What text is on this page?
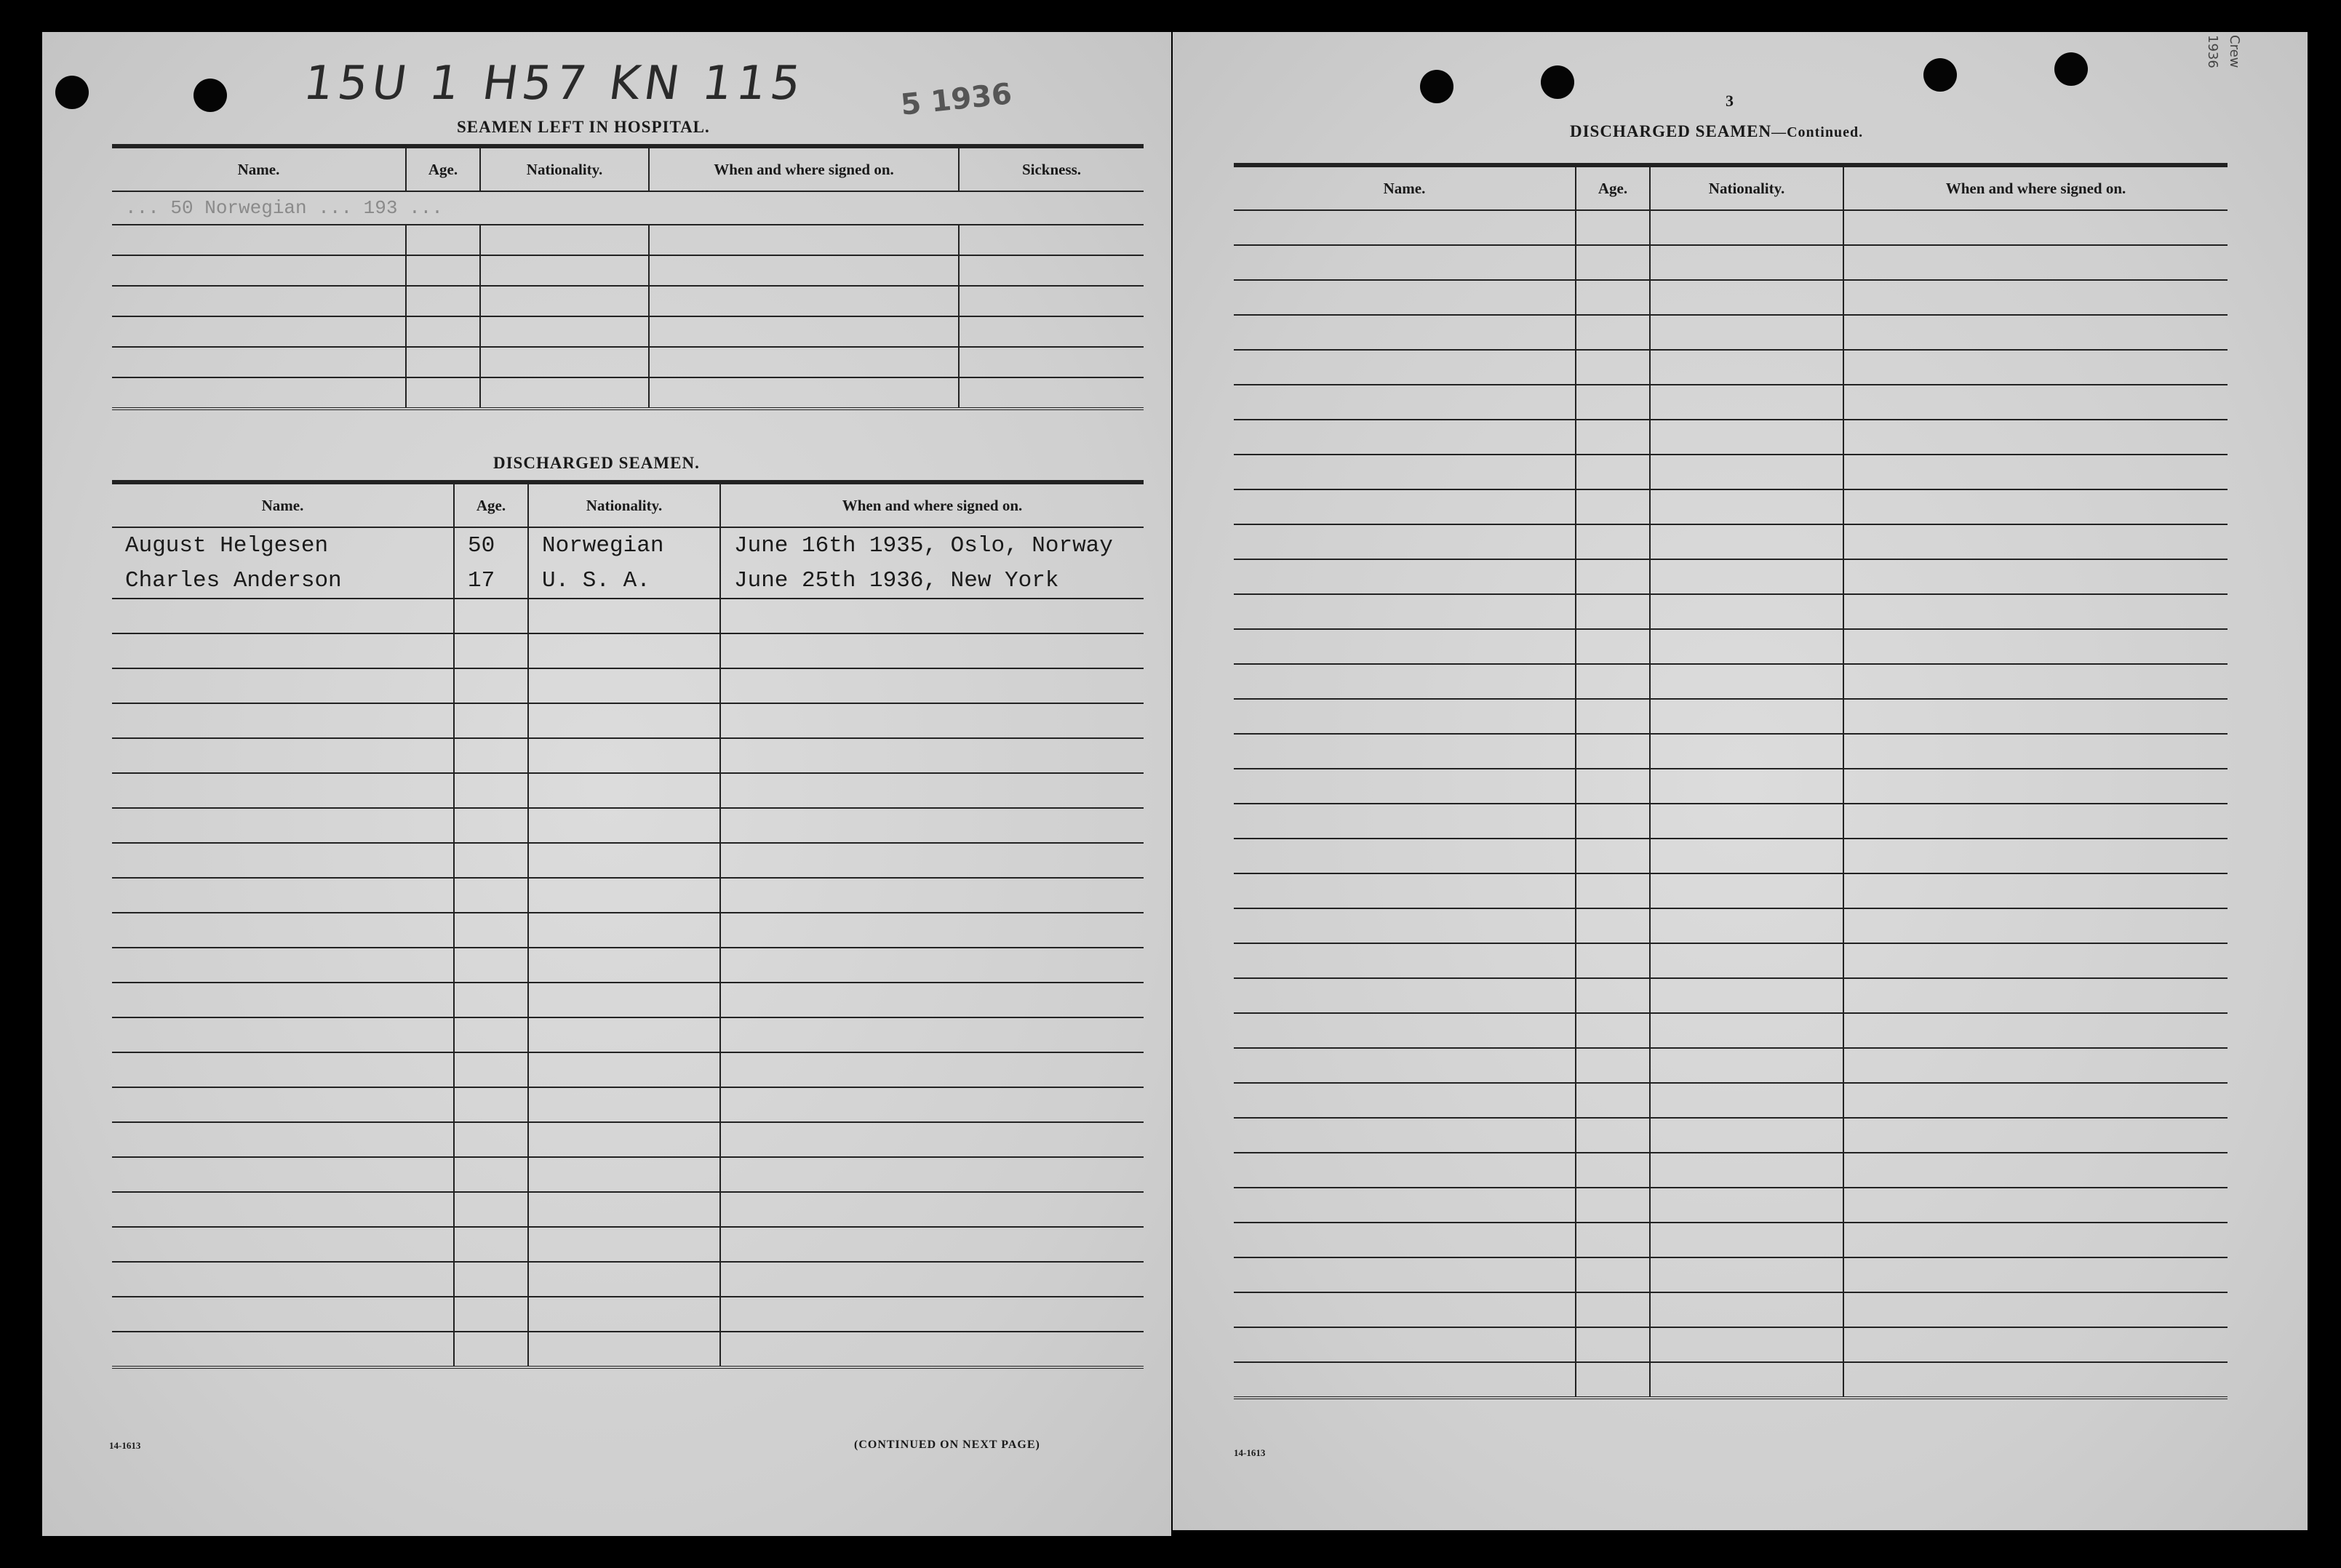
15U 1 H57 KN 115	5 1936
SEAMEN LEFT IN HOSPITAL.
Name.	Age.	Nationality.	When and where signed on.	Sickness.
... 50 Norwegian ... 193 ...				

DISCHARGED SEAMEN.
Name.	Age.	Nationality.	When and where signed on.
August Helgesen	50	Norwegian	June 16th 1935, Oslo, Norway
Charles Anderson	17	U. S. A.	June 25th 1936, New York

14-1613	(CONTINUED ON NEXT PAGE)
Crew
1936
3
DISCHARGED SEAMEN—Continued.
Name.	Age.	Nationality.	When and where signed on.

14-1613
